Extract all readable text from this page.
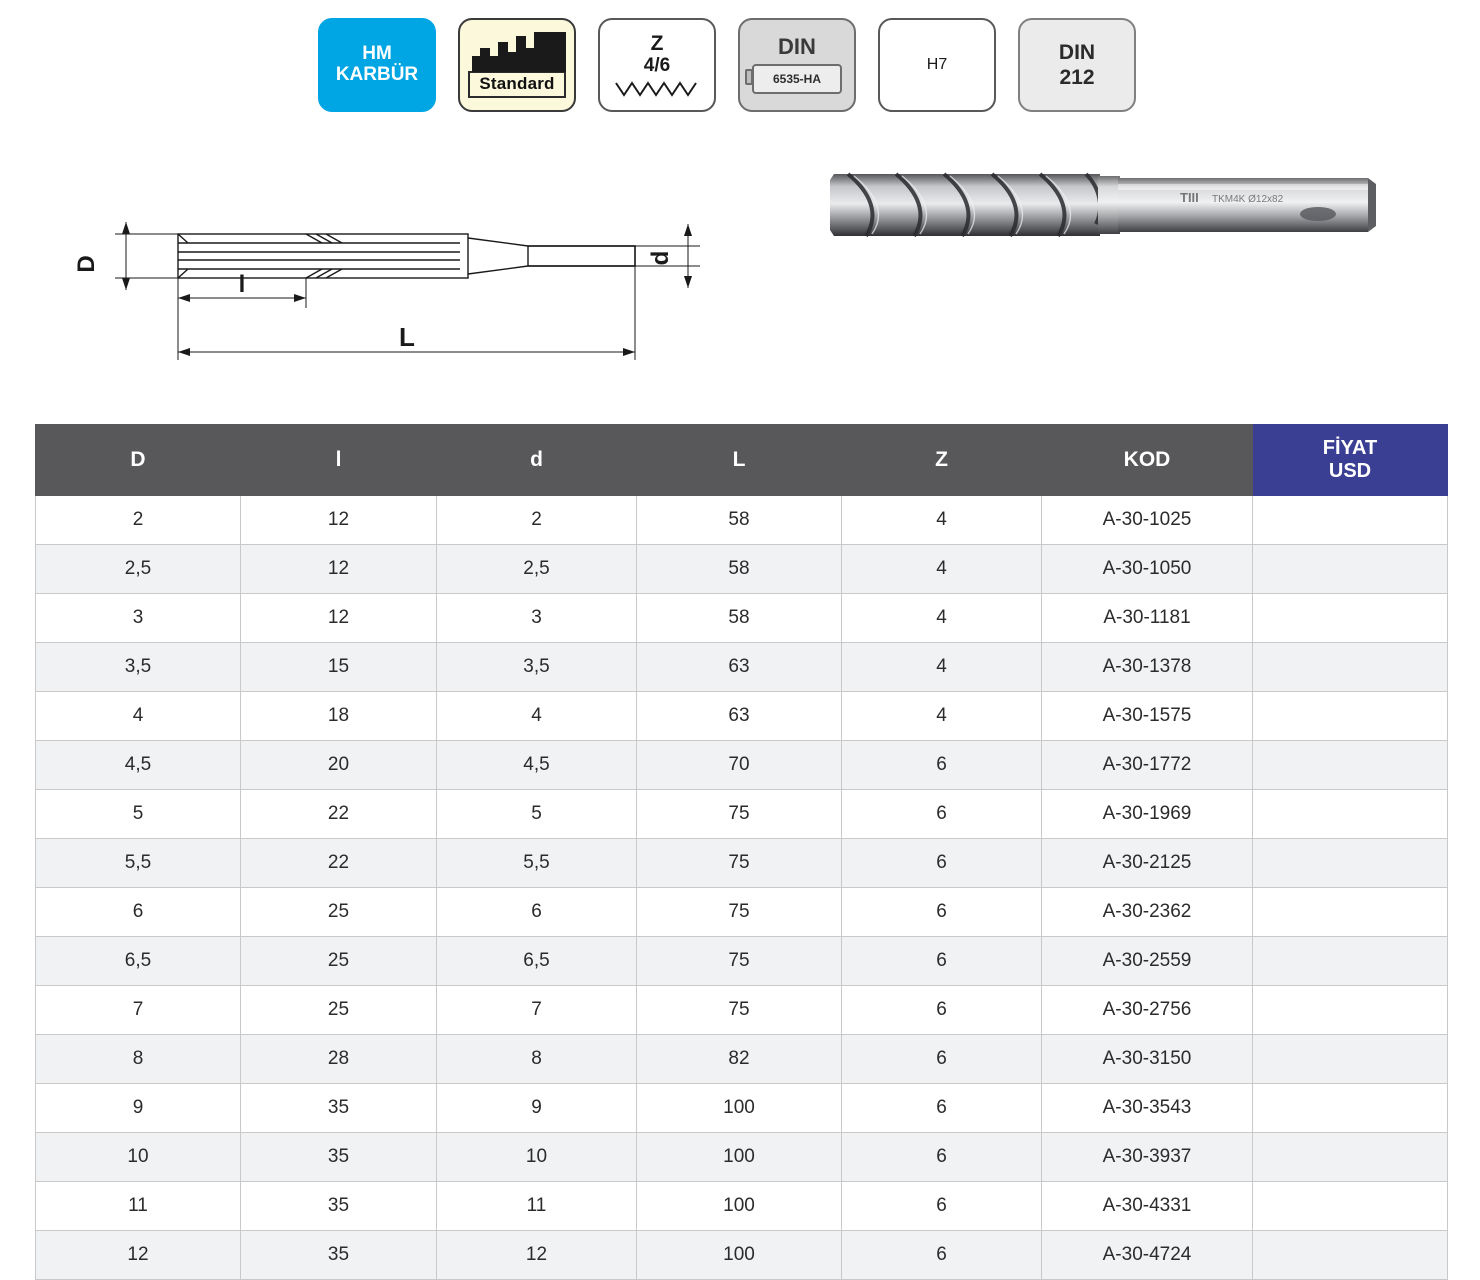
HM
KARBÜR	Standard
Z
4/6
DIN
6535-HA
H7
DIN
212
D
l
L
d
TIII TKM4K Ø12x82
D	l	d	L	Z	KOD	FİYAT
USD

2	12	2	58	4	A-30-1025	
2,5	12	2,5	58	4	A-30-1050	
3	12	3	58	4	A-30-1181	
3,5	15	3,5	63	4	A-30-1378	
4	18	4	63	4	A-30-1575	
4,5	20	4,5	70	6	A-30-1772	
5	22	5	75	6	A-30-1969	
5,5	22	5,5	75	6	A-30-2125	
6	25	6	75	6	A-30-2362	
6,5	25	6,5	75	6	A-30-2559	
7	25	7	75	6	A-30-2756	
8	28	8	82	6	A-30-3150	
9	35	9	100	6	A-30-3543	
10	35	10	100	6	A-30-3937	
11	35	11	100	6	A-30-4331	
12	35	12	100	6	A-30-4724	
